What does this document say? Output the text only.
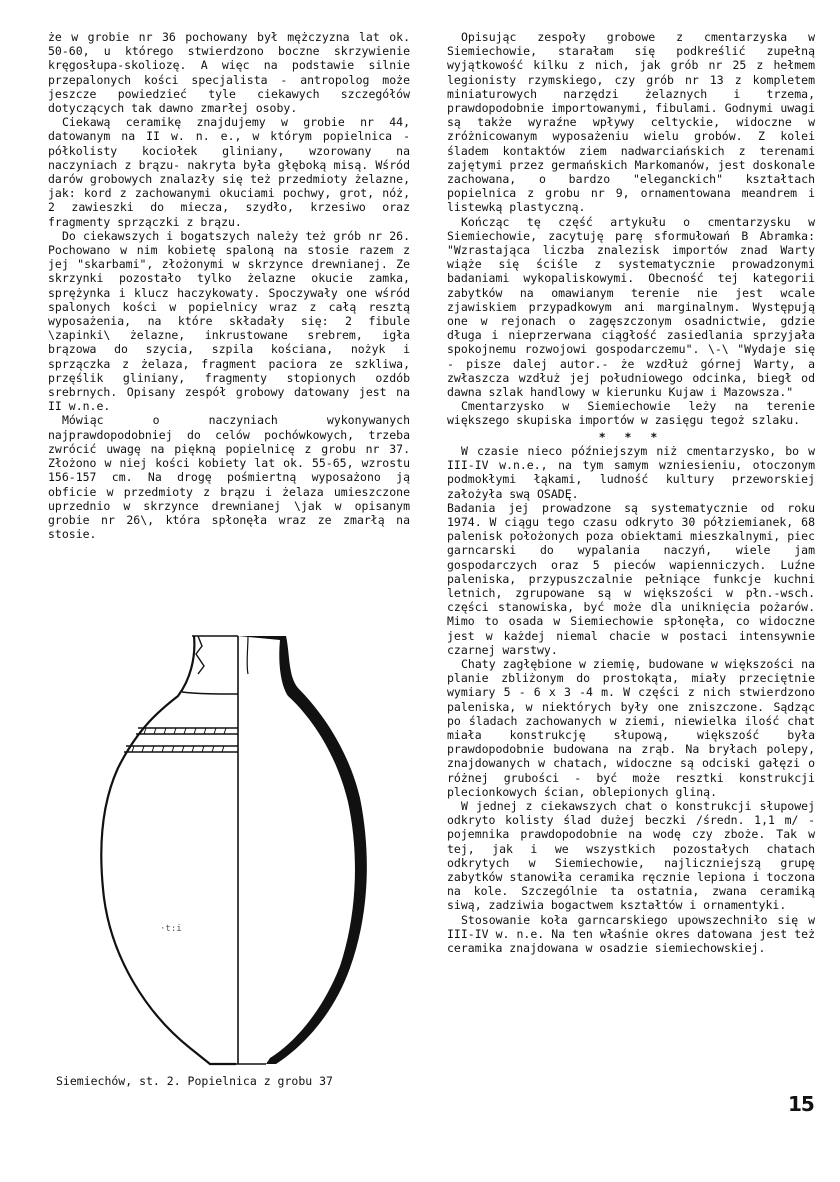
że w grobie nr 36 pochowany był mężczyzna lat ok. 50-60, u którego stwierdzono boczne skrzywienie kręgosłupa-skoliozę. A więc na podstawie silnie przepalonych kości specjalista - antropolog może jeszcze powiedzieć tyle ciekawych szczegółów dotyczących tak dawno zmarłej osoby.

Ciekawą ceramikę znajdujemy w grobie nr 44, datowanym na II w. n. e., w którym popielnica - półkolisty kociołek gliniany, wzorowany na naczyniach z brązu- nakryta była głęboką misą. Wśród darów grobowych znalazły się też przedmioty żelazne, jak: kord z zachowanymi okuciami pochwy, grot, nóż, 2 zawieszki do miecza, szydło, krzesiwo oraz fragmenty sprzączki z brązu.

Do ciekawszych i bogatszych należy też grób nr 26. Pochowano w nim kobietę spaloną na stosie razem z jej "skarbami", złożonymi w skrzynce drewnianej. Ze skrzynki pozostało tylko żelazne okucie zamka, sprężynka i klucz haczykowaty. Spoczywały one wśród spalonych kości w popielnicy wraz z całą resztą wyposażenia, na które składały się: 2 fibule \zapinki\ żelazne, inkrustowane srebrem, igła brązowa do szycia, szpila kościana, nożyk i sprzączka z żelaza, fragment paciora ze szkliwa, przęślik gliniany, fragmenty stopionych ozdób srebrnych. Opisany zespół grobowy datowany jest na II w.n.e.

Mówiąc o naczyniach wykonywanych najprawdopodobniej do celów pochówkowych, trzeba zwrócić uwagę na piękną popielnicę z grobu nr 37. Złożono w niej kości kobiety lat ok. 55-65, wzrostu 156-157 cm. Na drogę pośmiertną wyposażono ją obficie w przedmioty z brązu i żelaza umieszczone uprzednio w skrzynce drewnianej \jak w opisanym grobie nr 26\, która spłonęła wraz ze zmarłą na stosie.

·t:i
Siemiechów, st. 2. Popielnica z grobu 37

Opisując zespoły grobowe z cmentarzyska w Siemiechowie, starałam się podkreślić zupełną wyjątkowość kilku z nich, jak grób nr 25 z hełmem legionisty rzymskiego, czy grób nr 13 z kompletem miniaturowych narzędzi żelaznych i trzema, prawdopodobnie importowanymi, fibulami. Godnymi uwagi są także wyraźne wpływy celtyckie, widoczne w zróżnicowanym wyposażeniu wielu grobów. Z kolei śladem kontaktów ziem nadwarciańskich z terenami zajętymi przez germańskich Markomanów, jest doskonale zachowana, o bardzo "eleganckich" kształtach popielnica z grobu nr 9, ornamentowana meandrem i listewką plastyczną.

Kończąc tę część artykułu o cmentarzysku w Siemiechowie, zacytuję parę sformułowań B Abramka: "Wzrastająca liczba znalezisk importów znad Warty wiąże się ściśle z systematycznie prowadzonymi badaniami wykopaliskowymi. Obecność tej kategorii zabytków na omawianym terenie nie jest wcale zjawiskiem przypadkowym ani marginalnym. Występują one w rejonach o zagęszczonym osadnictwie, gdzie długa i nieprzerwana ciągłość zasiedlania sprzyjała spokojnemu rozwojowi gospodarczemu". \-\ "Wydaje się - pisze dalej autor.- że wzdłuż górnej Warty, a zwłaszcza wzdłuż jej południowego odcinka, biegł od dawna szlak handlowy w kierunku Kujaw i Mazowsza."

Cmentarzysko w Siemiechowie leży na terenie większego skupiska importów w zasięgu tegoż szlaku.

* * *

W czasie nieco późniejszym niż cmentarzysko, bo w III-IV w.n.e., na tym samym wzniesieniu, otoczonym podmokłymi łąkami, ludność kultury przeworskiej założyła swą OSADĘ.

Badania jej prowadzone są systematycznie od roku 1974. W ciągu tego czasu odkryto 30 półziemianek, 68 palenisk położonych poza obiektami mieszkalnymi, piec garncarski do wypalania naczyń, wiele jam gospodarczych oraz 5 pieców wapienniczych. Luźne paleniska, przypuszczalnie pełniące funkcje kuchni letnich, zgrupowane są w większości w płn.-wsch. części stanowiska, być może dla uniknięcia pożarów. Mimo to osada w Siemiechowie spłonęła, co widoczne jest w każdej niemal chacie w postaci intensywnie czarnej warstwy.

Chaty zagłębione w ziemię, budowane w większości na planie zbliżonym do prostokąta, miały przeciętnie wymiary 5 - 6 x 3 -4 m. W części z nich stwierdzono paleniska, w niektórych były one zniszczone. Sądząc po śladach zachowanych w ziemi, niewielka ilość chat miała konstrukcję słupową, większość była prawdopodobnie budowana na zrąb. Na bryłach polepy, znajdowanych w chatach, widoczne są odciski gałęzi o różnej grubości - być może resztki konstrukcji plecionkowych ścian, oblepionych gliną.

W jednej z ciekawszych chat o konstrukcji słupowej odkryto kolisty ślad dużej beczki /średn. 1,1 m/ - pojemnika prawdopodobnie na wodę czy zboże. Tak w tej, jak i we wszystkich pozostałych chatach odkrytych w Siemiechowie, najliczniejszą grupę zabytków stanowiła ceramika ręcznie lepiona i toczona na kole. Szczególnie ta ostatnia, zwana ceramiką siwą, zadziwia bogactwem kształtów i ornamentyki.

Stosowanie koła garncarskiego upowszechniło się w III-IV w. n.e. Na ten właśnie okres datowana jest też ceramika znajdowana w osadzie siemiechowskiej.

15
